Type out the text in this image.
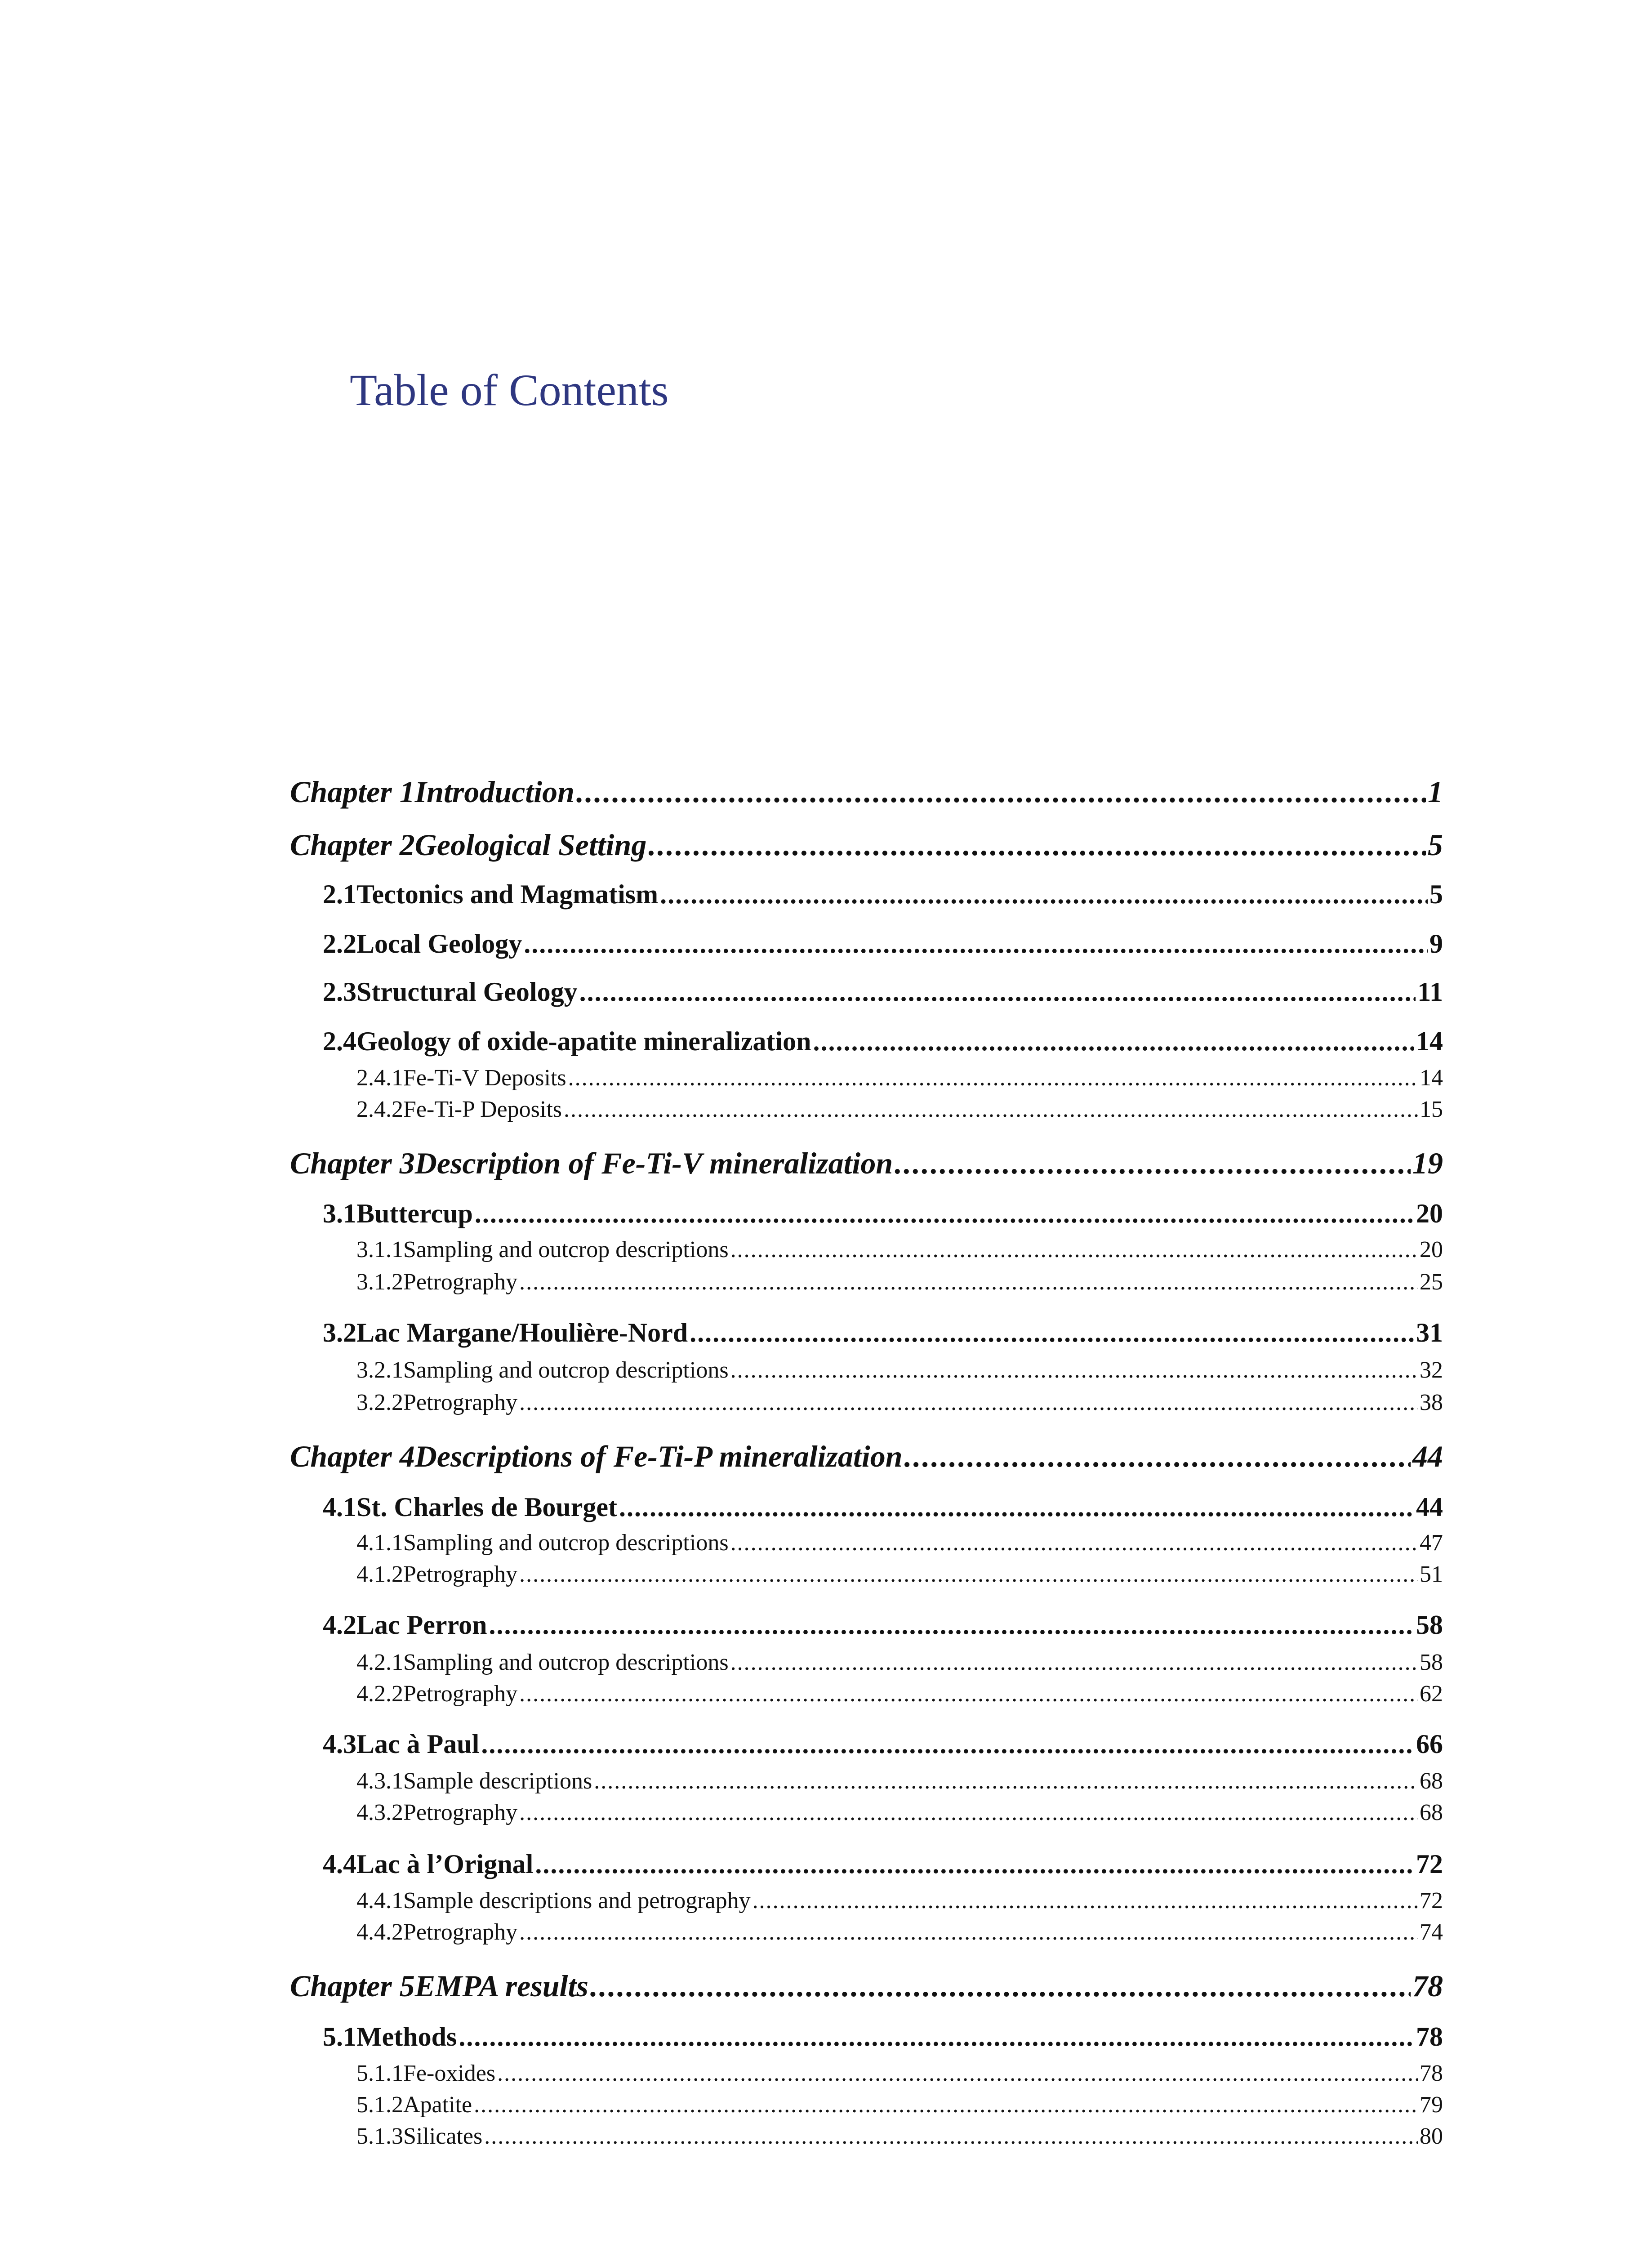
Table of Contents
Chapter 1 Introduction .....	1
Chapter 2 Geological Setting .....	5
2.1 Tectonics and Magmatism .....	5
2.2 Local Geology .....	9
2.3 Structural Geology .....	11
2.4 Geology of oxide-apatite mineralization .....	14
2.4.1 Fe-Ti-V Deposits .....	14
2.4.2 Fe-Ti-P Deposits .....	15
Chapter 3 Description of Fe-Ti-V mineralization .....	19
3.1 Buttercup .....	20
3.1.1 Sampling and outcrop descriptions .....	20
3.1.2 Petrography .....	25
3.2 Lac Margane/Houlière-Nord .....	31
3.2.1 Sampling and outcrop descriptions .....	32
3.2.2 Petrography .....	38
Chapter 4 Descriptions of Fe-Ti-P mineralization .....	44
4.1 St. Charles de Bourget .....	44
4.1.1 Sampling and outcrop descriptions .....	47
4.1.2 Petrography .....	51
4.2 Lac Perron .....	58
4.2.1 Sampling and outcrop descriptions .....	58
4.2.2 Petrography .....	62
4.3 Lac à Paul .....	66
4.3.1 Sample descriptions .....	68
4.3.2 Petrography .....	68
4.4 Lac à l’Orignal .....	72
4.4.1 Sample descriptions and petrography .....	72
4.4.2 Petrography .....	74
Chapter 5 EMPA results .....	78
5.1 Methods .....	78
5.1.1 Fe-oxides .....	78
5.1.2 Apatite .....	79
5.1.3 Silicates .....	80
